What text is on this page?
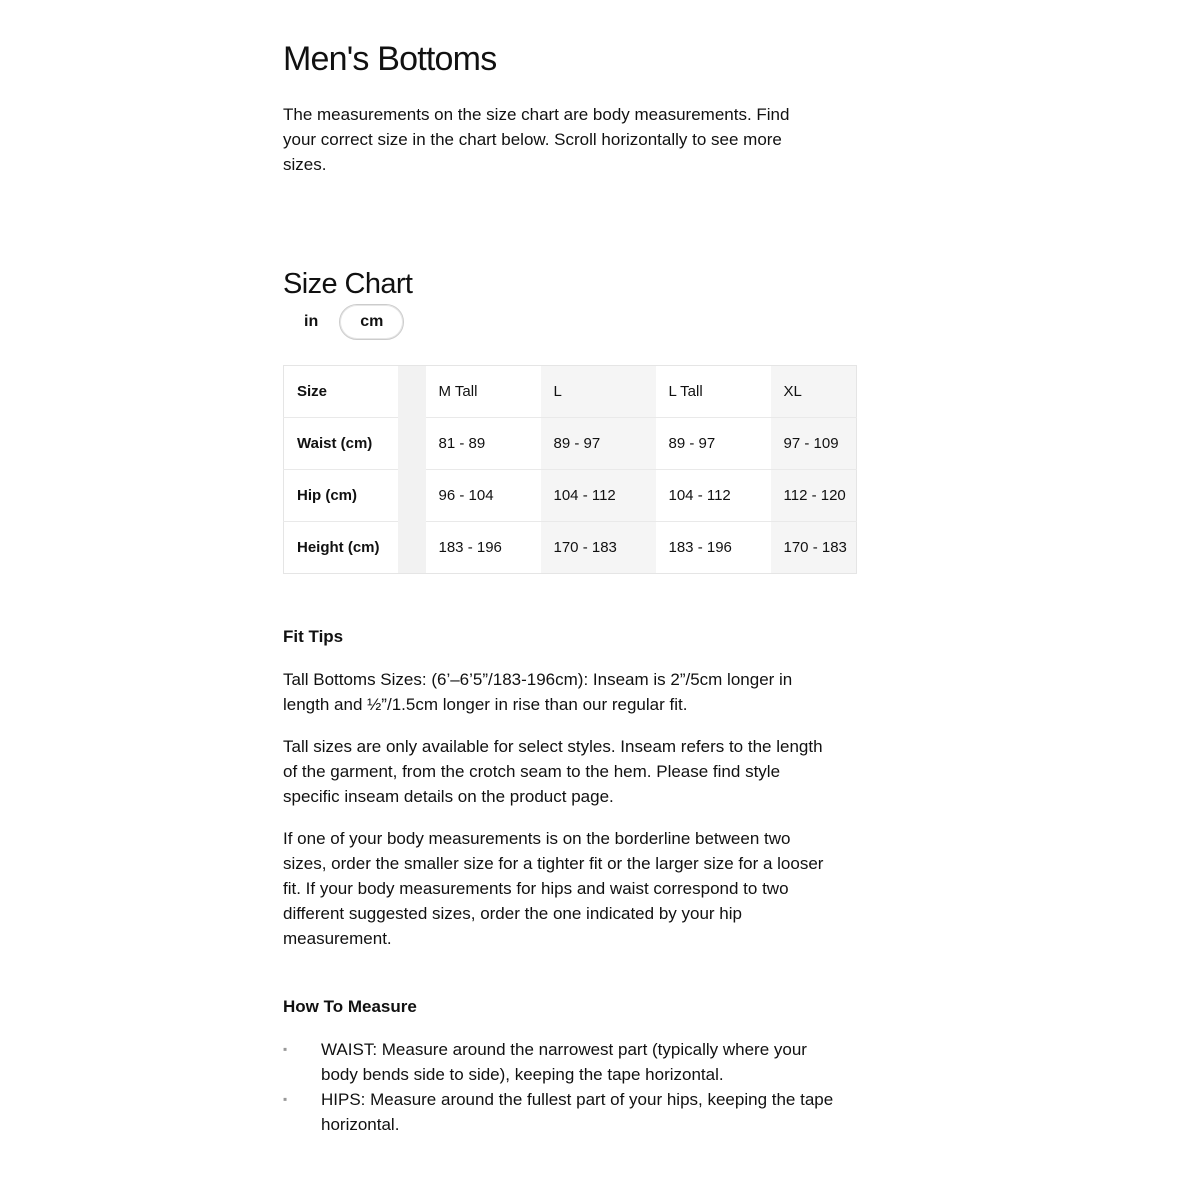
Men's Bottoms

The measurements on the size chart are body measurements. Find your correct size in the chart below. Scroll horizontally to see more sizes.

Size Chart
in	cm
Size		M Tall	L	L Tall	XL
Waist (cm)		81 - 89	89 - 97	89 - 97	97 - 109
Hip (cm)		96 - 104	104 - 112	104 - 112	112 - 120
Height (cm)		183 - 196	170 - 183	183 - 196	170 - 183
Fit Tips

Tall Bottoms Sizes: (6’–6’5”/183-196cm): Inseam is 2”/5cm longer in length and ½”/1.5cm longer in rise than our regular fit.

Tall sizes are only available for select styles. Inseam refers to the length of the garment, from the crotch seam to the hem. Please find style specific inseam details on the product page.

If one of your body measurements is on the borderline between two sizes, order the smaller size for a tighter fit or the larger size for a looser fit. If your body measurements for hips and waist correspond to two different suggested sizes, order the one indicated by your hip measurement.

How To Measure
▪	WAIST: Measure around the narrowest part (typically where your body bends side to side), keeping the tape horizontal.
▪	HIPS: Measure around the fullest part of your hips, keeping the tape horizontal.
